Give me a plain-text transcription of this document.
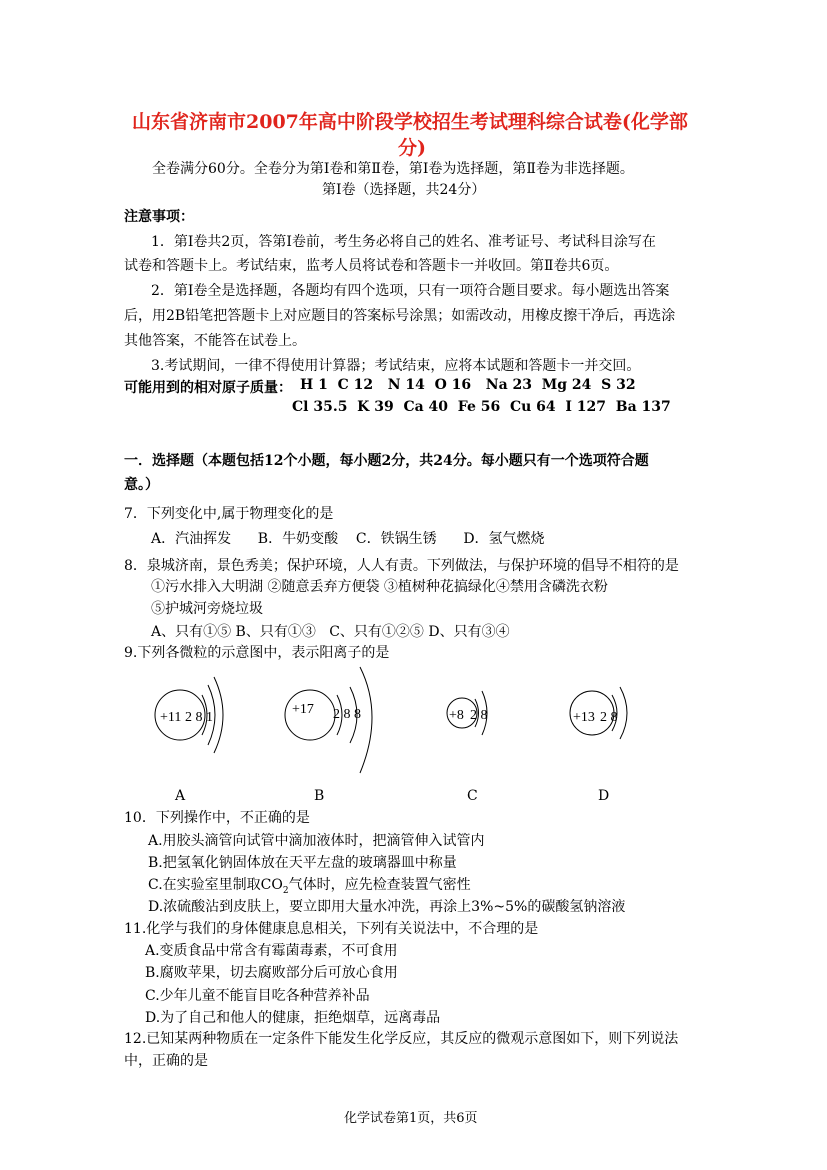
山东省济南市2007年高中阶段学校招生考试理科综合试卷(化学部
分)
全卷满分60分。全卷分为第Ⅰ卷和第Ⅱ卷，第Ⅰ卷为选择题，第Ⅱ卷为非选择题。
第Ⅰ卷（选择题，共24分）
注意事项：
1．第Ⅰ卷共2页，答第Ⅰ卷前，考生务必将自己的姓名、准考证号、考试科目涂写在
试卷和答题卡上。考试结束，监考人员将试卷和答题卡一并收回。第Ⅱ卷共6页。
2．第Ⅰ卷全是选择题，各题均有四个选项，只有一项符合题目要求。每小题选出答案
后，用2B铅笔把答题卡上对应题目的答案标号涂黑；如需改动，用橡皮擦干净后，再选涂
其他答案，不能答在试卷上。
3.考试期间，一律不得使用计算器；考试结束，应将本试题和答题卡一并交回。
可能用到的相对原子质量： H 1  C 12   N 14  O 16   Na 23  Mg 24  S 32
Cl 35.5  K 39  Ca 40  Fe 56  Cu 64  I 127  Ba 137
一．选择题（本题包括12个小题，每小题2分，共24分。每小题只有一个选项符合题
意。）
7．下列变化中,属于物理变化的是
A．汽油挥发      B．牛奶变酸    C．铁锅生锈      D．氢气燃烧
8．泉城济南，景色秀美；保护环境，人人有责。下列做法，与保护环境的倡导不相符的是
①污水排入大明湖 ②随意丢弃方便袋 ③植树种花搞绿化④禁用含磷洗衣粉
⑤护城河旁烧垃圾
A、只有①⑤ B、只有①③   C、只有①②⑤ D、只有③④
9.下列各微粒的示意图中，表示阳离子的是
+11 2 8 1
+17 2 8 8	+8 2 8	+13 2 8
A	B	C	D
10．下列操作中，不正确的是
A.用胶头滴管向试管中滴加液体时，把滴管伸入试管内
B.把氢氧化钠固体放在天平左盘的玻璃器皿中称量
C.在实验室里制取$CO_2$气体时，应先检查装置气密性
D.浓硫酸沾到皮肤上，要立即用大量水冲洗，再涂上3%~5%的碳酸氢钠溶液
11.化学与我们的身体健康息息相关，下列有关说法中，不合理的是
A.变质食品中常含有霉菌毒素，不可食用
B.腐败苹果，切去腐败部分后可放心食用
C.少年儿童不能盲目吃各种营养补品
D.为了自己和他人的健康，拒绝烟草，远离毒品
12.已知某两种物质在一定条件下能发生化学反应，其反应的微观示意图如下，则下列说法
中，正确的是
化学试卷第1页，共6页
